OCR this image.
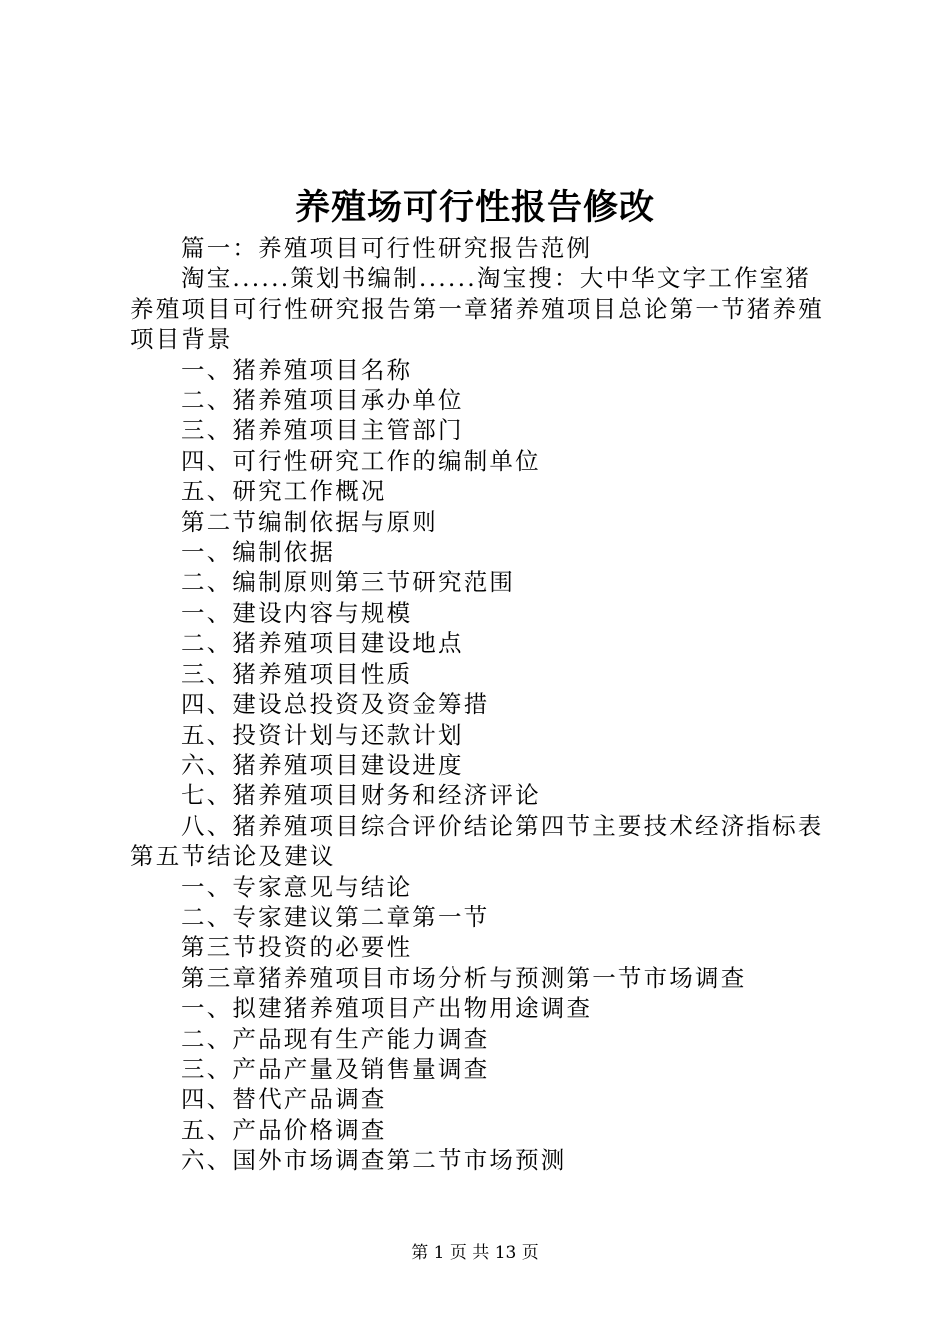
养殖场可行性报告修改

篇一：养殖项目可行性研究报告范例

淘宝......策划书编制......淘宝搜：大中华文字工作室猪养殖项目可行性研究报告第一章猪养殖项目总论第一节猪养殖项目背景

一、猪养殖项目名称

二、猪养殖项目承办单位

三、猪养殖项目主管部门

四、可行性研究工作的编制单位

五、研究工作概况

第二节编制依据与原则

一、编制依据

二、编制原则第三节研究范围

一、建设内容与规模

二、猪养殖项目建设地点

三、猪养殖项目性质

四、建设总投资及资金筹措

五、投资计划与还款计划

六、猪养殖项目建设进度

七、猪养殖项目财务和经济评论

八、猪养殖项目综合评价结论第四节主要技术经济指标表第五节结论及建议

一、专家意见与结论

二、专家建议第二章第一节

第三节投资的必要性

第三章猪养殖项目市场分析与预测第一节市场调查

一、拟建猪养殖项目产出物用途调查

二、产品现有生产能力调查

三、产品产量及销售量调查

四、替代产品调查

五、产品价格调查

六、国外市场调查第二节市场预测

第 1 页 共 13 页
